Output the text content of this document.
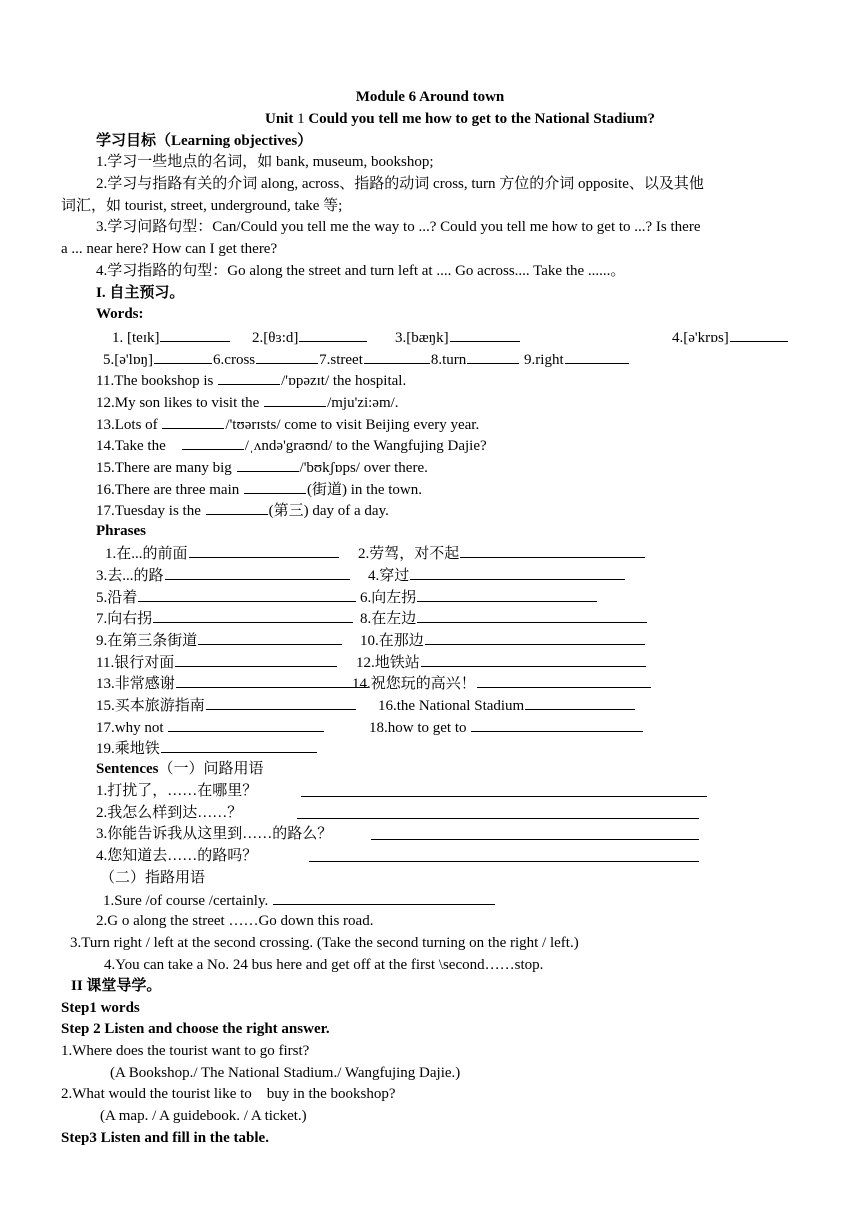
Module 6 Around town
Unit 1 Could you tell me how to get to the National Stadium?
学习目标（Learning objectives）
1.学习一些地点的名词，如 bank, museum, bookshop;
2.学习与指路有关的介词 along, across、指路的动词 cross, turn 方位的介词 opposite、以及其他
词汇，如 tourist, street, underground, take 等;
3.学习问路句型：Can/Could you tell me the way to ...? Could you tell me how to get to ...? Is there
a ... near here? How can I get there?
4.学习指路的句型：Go along the street and turn left at .... Go across.... Take the ......。
I. 自主预习。
Words:
1. [teɪk]	2.[θɜ:d]	3.[bæŋk]	4.[ə'krɒs]
5.[ə'lɒŋ]	6.cross	7.street	8.turn	9.right
11.The bookshop is	/'ɒpəzɪt/ the hospital.
12.My son likes to visit the	/mju'zi:əm/.
13.Lots of	/'tʊərɪsts/ come to visit Beijing every year.
14.Take the	/ˌʌndə'graʊnd/ to the Wangfujing Dajie?
15.There are many big	/'bʊkʃɒps/ over there.
16.There are three main	(街道) in the town.
17.Tuesday is the	(第三) day of a day.
Phrases
1.在...的前面	2.劳驾，对不起
3.去...的路	4.穿过
5.沿着	6.向左拐
7.向右拐	8.在左边
9.在第三条街道	10.在那边
11.银行对面	12.地铁站
13.非常感谢	14.祝您玩的高兴！
15.买本旅游指南	16.the National Stadium
17.why not	18.how to get to
19.乘地铁
Sentences（一）问路用语
1.打扰了，……在哪里？
2.我怎么样到达……？
3.你能告诉我从这里到……的路么？
4.您知道去……的路吗？
（二）指路用语
1.Sure /of course /certainly.
2.G o along the street ……Go down this road.
3.Turn right / left at the second crossing. (Take the second turning on the right / left.)
4.You can take a No. 24 bus here and get off at the first \second……stop.
II 课堂导学。
Step1 words
Step 2 Listen and choose the right answer.
1.Where does the tourist want to go first?
(A Bookshop./ The National Stadium./ Wangfujing Dajie.)
2.What would the tourist like to    buy in the bookshop?
(A map. / A guidebook. / A ticket.)
Step3 Listen and fill in the table.
